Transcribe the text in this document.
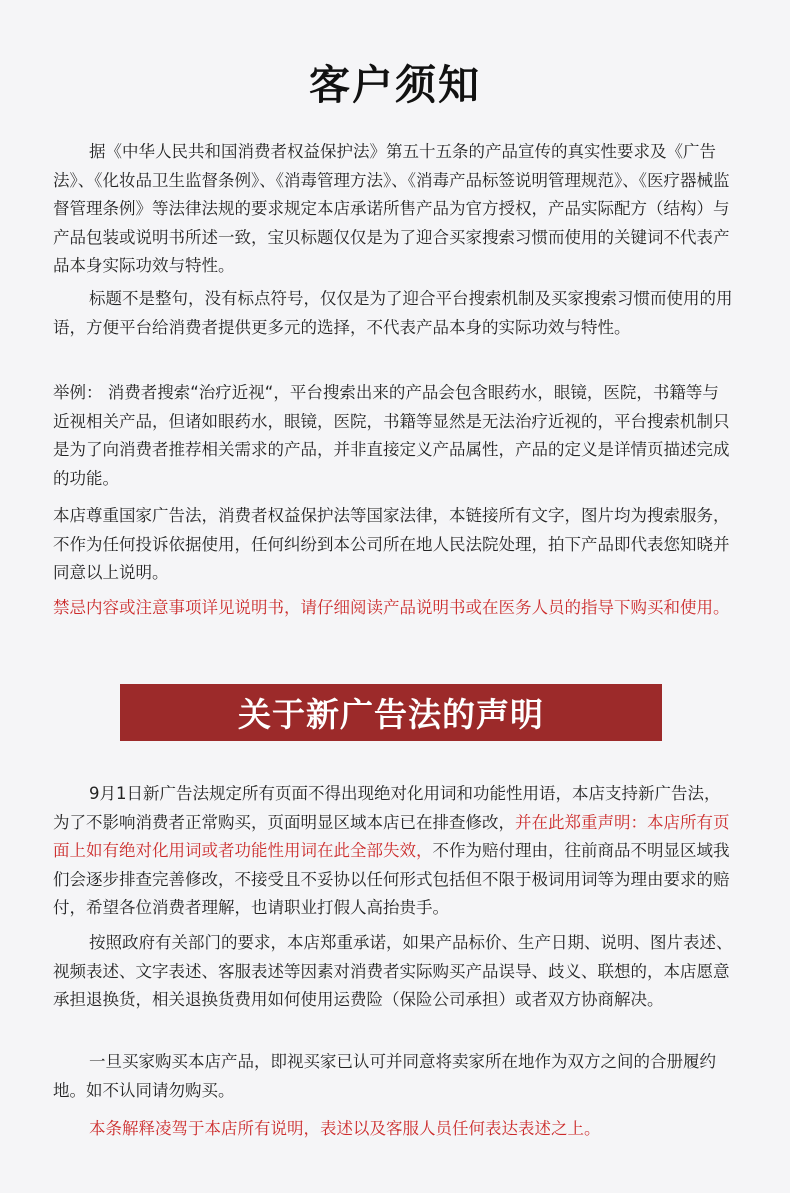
客户须知

据《中华人民共和国消费者权益保护法》第五十五条的产品宣传的真实性要求及《广告法》、《化妆品卫生监督条例》、《消毒管理方法》、《消毒产品标签说明管理规范》、《医疗器械监督管理条例》等法律法规的要求规定本店承诺所售产品为官方授权，产品实际配方（结构）与产品包装或说明书所述一致，宝贝标题仅仅是为了迎合买家搜索习惯而使用的关键词不代表产品本身实际功效与特性。

标题不是整句，没有标点符号，仅仅是为了迎合平台搜索机制及买家搜索习惯而使用的用语，方便平台给消费者提供更多元的选择，不代表产品本身的实际功效与特性。

举例： 消费者搜索“治疗近视“，平台搜索出来的产品会包含眼药水，眼镜，医院，书籍等与近视相关产品，但诸如眼药水，眼镜，医院，书籍等显然是无法治疗近视的，平台搜索机制只是为了向消费者推荐相关需求的产品，并非直接定义产品属性，产品的定义是详情页描述完成的功能。

本店尊重国家广告法，消费者权益保护法等国家法律，本链接所有文字，图片均为搜索服务，不作为任何投诉依据使用，任何纠纷到本公司所在地人民法院处理，拍下产品即代表您知晓并同意以上说明。

禁忌内容或注意事项详见说明书，请仔细阅读产品说明书或在医务人员的指导下购买和使用。

关于新广告法的声明

9月1日新广告法规定所有页面不得出现绝对化用词和功能性用语，本店支持新广告法，为了不影响消费者正常购买，页面明显区域本店已在排查修改，并在此郑重声明：本店所有页面上如有绝对化用词或者功能性用词在此全部失效，不作为赔付理由，往前商品不明显区域我们会逐步排查完善修改，不接受且不妥协以任何形式包括但不限于极词用词等为理由要求的赔付，希望各位消费者理解，也请职业打假人高抬贵手。

按照政府有关部门的要求，本店郑重承诺，如果产品标价、生产日期、说明、图片表述、视频表述、文字表述、客服表述等因素对消费者实际购买产品误导、歧义、联想的，本店愿意承担退换货，相关退换货费用如何使用运费险（保险公司承担）或者双方协商解决。

一旦买家购买本店产品，即视买家已认可并同意将卖家所在地作为双方之间的合册履约地。如不认同请勿购买。

本条解释凌驾于本店所有说明，表述以及客服人员任何表达表述之上。
